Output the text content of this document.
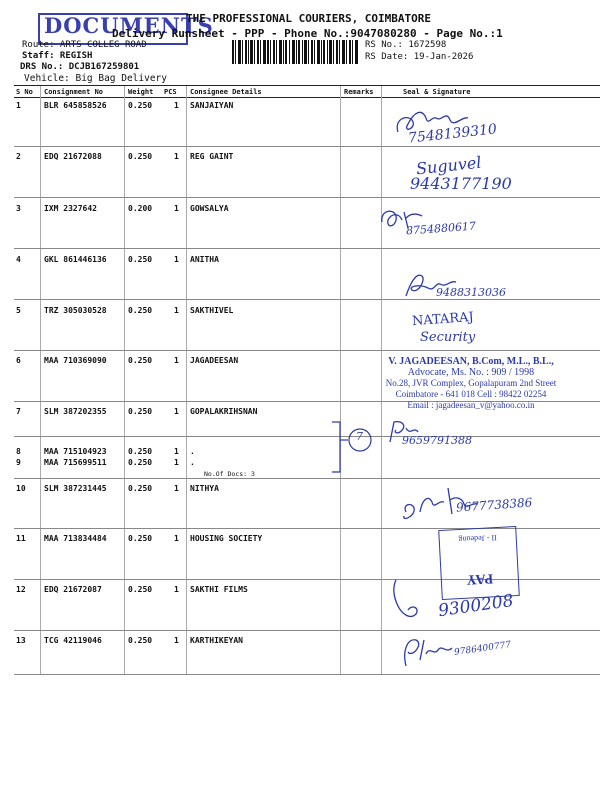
DOCUMENTS
THE PROFESSIONAL COURIERS, COIMBATORE
Delivery Runsheet - PPP - Phone No.:9047080280 - Page No.:1
Route: ARTS COLLEG ROAD
Staff: REGISH
DRS No.: DCJB167259801
Vehicle: Big Bag Delivery
RS No.: 1672598
RS Date: 19-Jan-2026
S No Consignment No	Weight PCS Consignee Details	Remarks	Seal & Signature
1	BLR 645858526	0.250	1 SANJAIYAN
2	EDQ 21672088	0.250	1 REG GAINT
3	IXM 2327642	0.200	1 GOWSALYA
4	GKL 861446136	0.250	1 ANITHA
5	TRZ 305030528	0.250	1 SAKTHIVEL
6	MAA 710369090	0.250	1 JAGADEESAN
7	SLM 387202355	0.250	1 GOPALAKRIHSNAN
8	MAA 715104923	0.250	1 .
9	MAA 715699511	0.250	1 .
10 SLM 387231445	0.250	1 NITHYA
11 MAA 713834484	0.250	1 HOUSING SOCIETY
12 EDQ 21672087	0.250	1 SAKTHI FILMS
13 TCG 42119046	0.250	1 KARTHIKEYAN
No.Of Docs: 3
7
7548139310
Suguvel
9443177190
8754880617
9488313036
NATARAJ
Security
V. JAGADEESAN, B.Com, M.L., B.L.,
Advocate, Ms. No. : 909 / 1998
No.28, JVR Complex, Gopalapuram 2nd Street
Coimbatore - 641 018 Cell : 98422 02254
Email : jagadeesan_v@yahoo.co.in
9659791388
9677738386
II - Jedeung
PAY
9300208
9786400777
